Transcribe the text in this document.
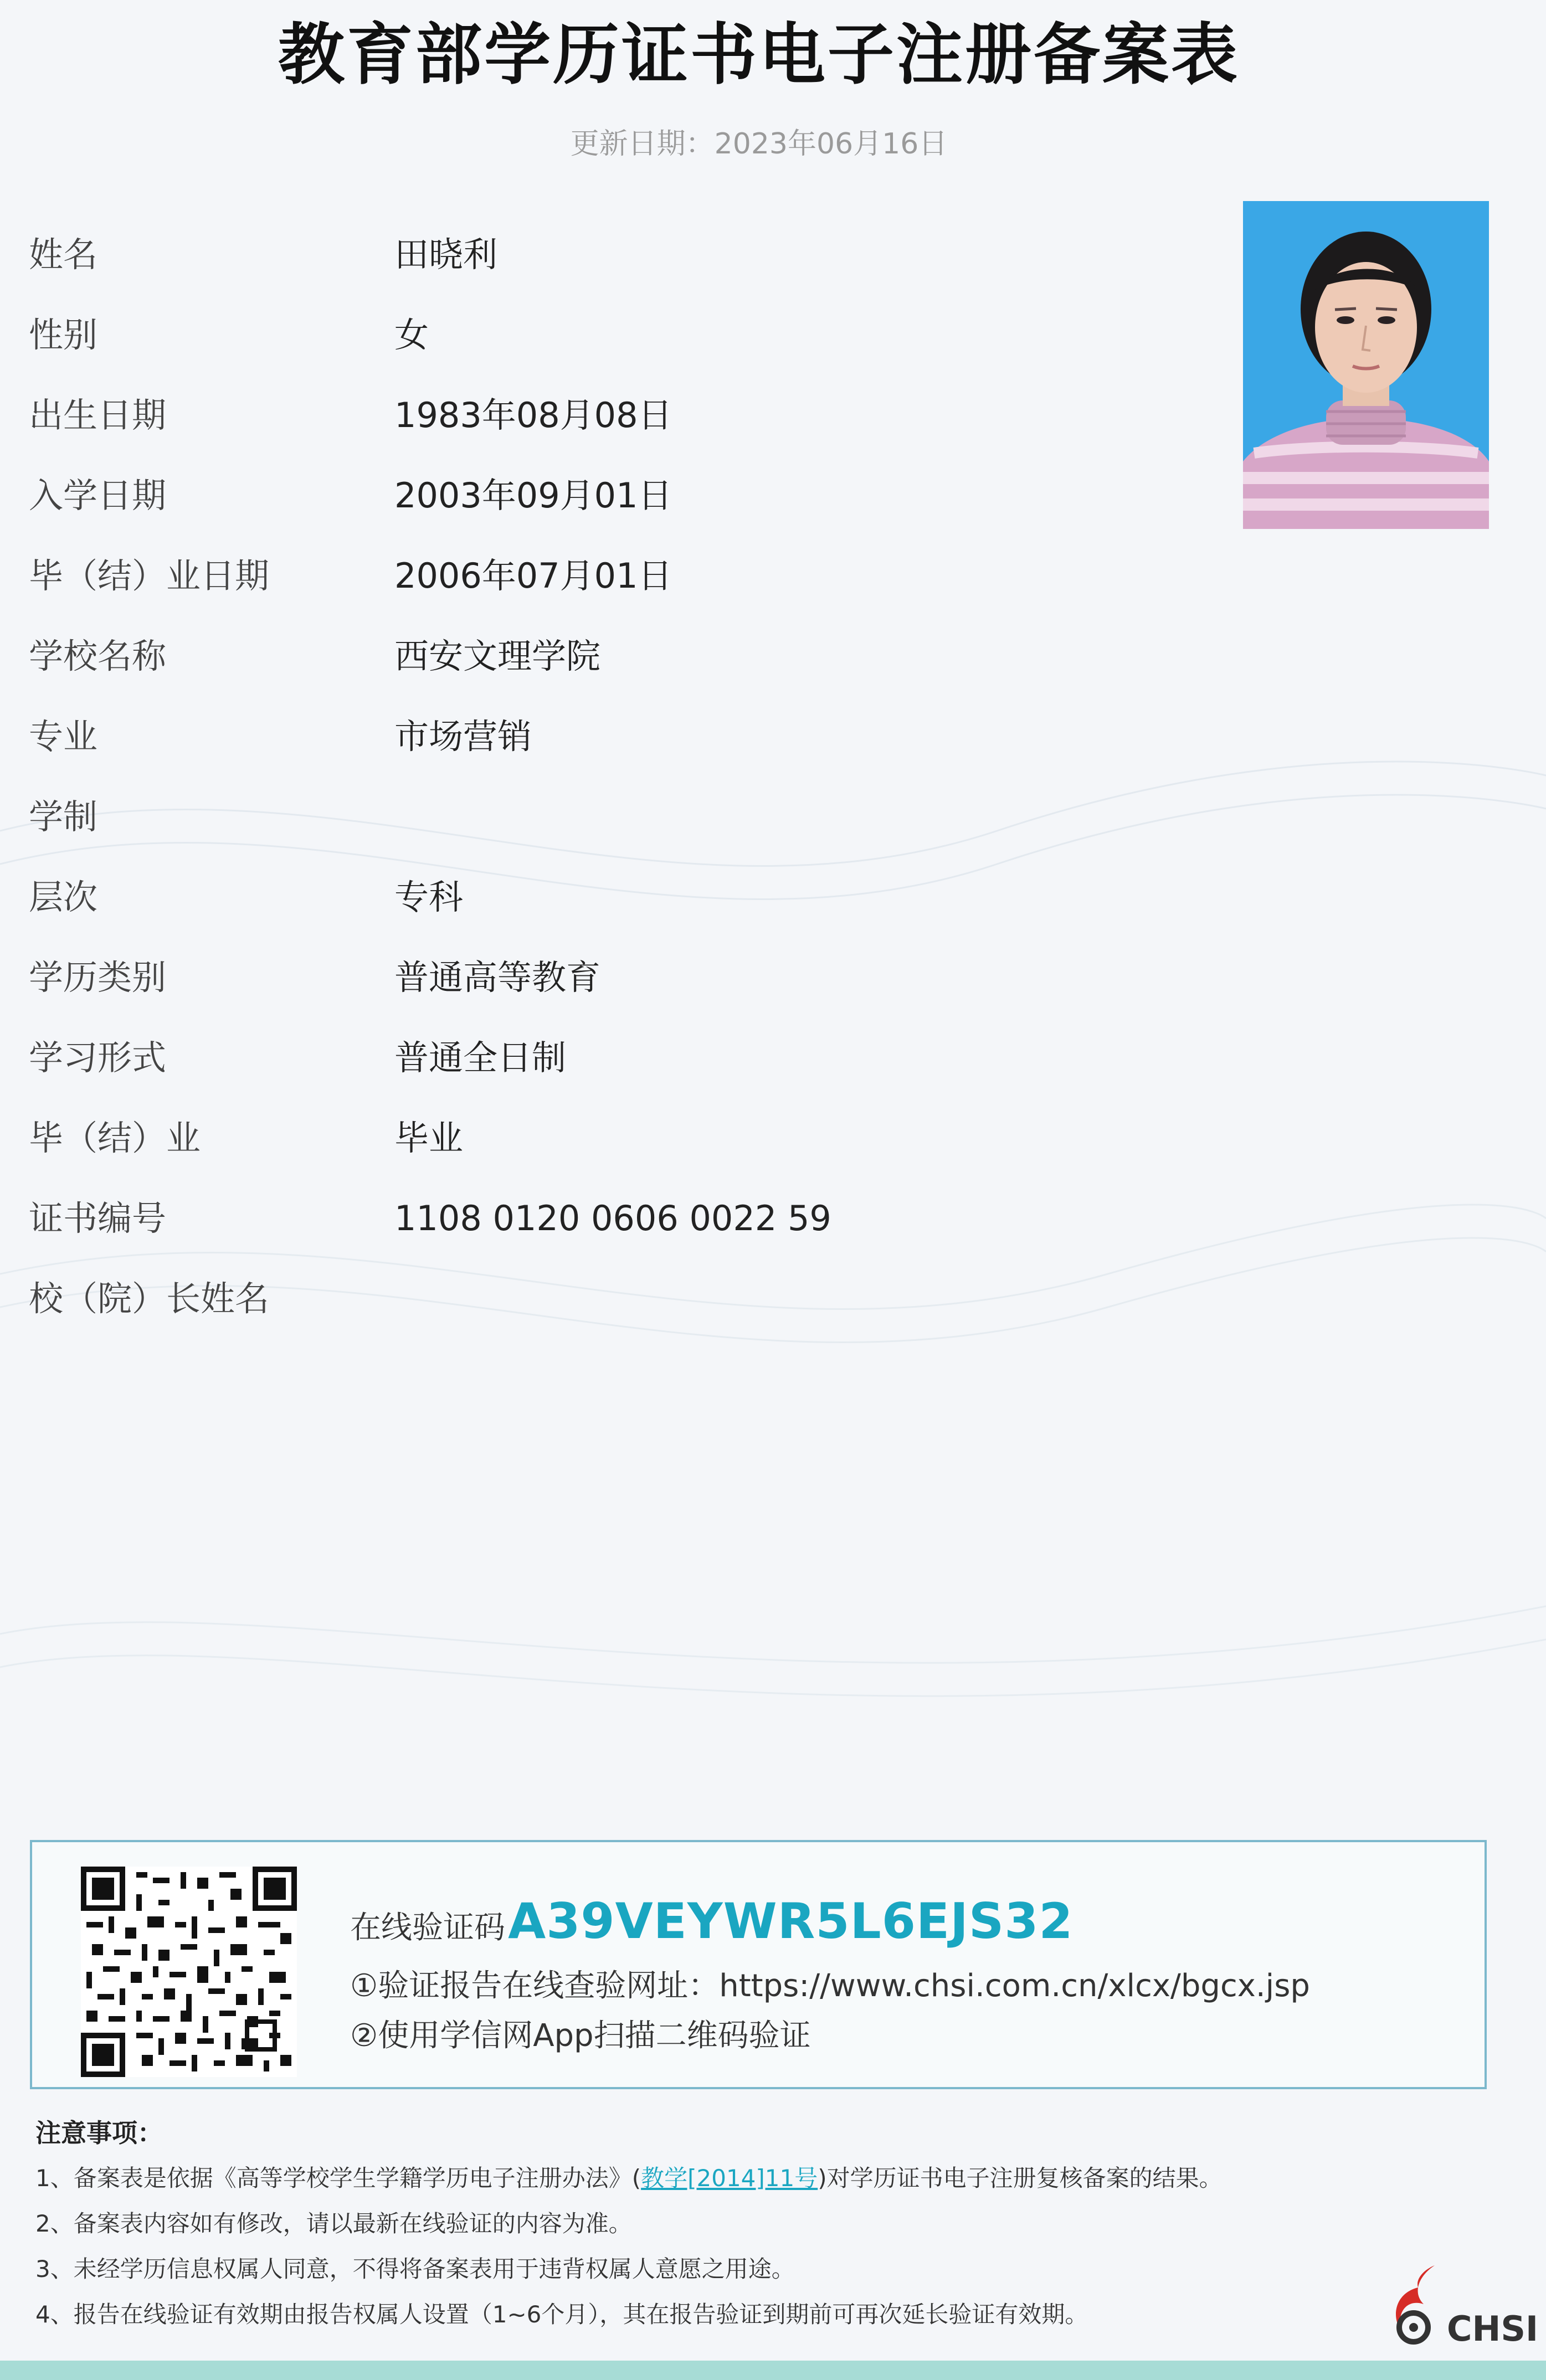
教育部学历证书电子注册备案表
更新日期：2023年06月16日
姓名	田晓利
性别	女
出生日期	1983年08月08日
入学日期	2003年09月01日
毕（结）业日期	2006年07月01日
学校名称	西安文理学院
专业	市场营销
学制
层次	专科
学历类别	普通高等教育
学习形式	普通全日制
毕（结）业	毕业
证书编号	1108 0120 0606 0022 59
校（院）长姓名
在线验证码 A39VEYWR5L6EJS32
①验证报告在线查验网址：https://www.chsi.com.cn/xlcx/bgcx.jsp
②使用学信网App扫描二维码验证
注意事项：
1、备案表是依据《高等学校学生学籍学历电子注册办法》(教学[2014]11号)对学历证书电子注册复核备案的结果。
2、备案表内容如有修改，请以最新在线验证的内容为准。
3、未经学历信息权属人同意，不得将备案表用于违背权属人意愿之用途。
4、报告在线验证有效期由报告权属人设置（1~6个月），其在报告验证到期前可再次延长验证有效期。	CHSI
